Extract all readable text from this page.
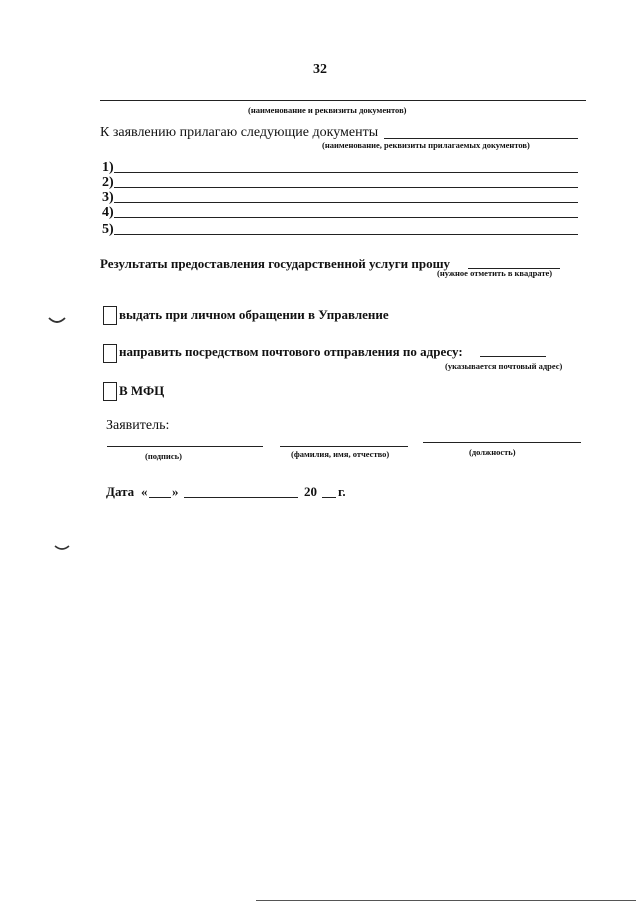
32
(наименование и реквизиты документов)
К заявлению прилагаю следующие документы
(наименование, реквизиты прилагаемых документов)
1)
2)
3)
4)
5)
Результаты предоставления государственной услуги прошу
(нужное отметить в квадрате)
выдать при личном обращении в Управление
направить посредством почтового отправления по адресу:
(указывается почтовый адрес)
В МФЦ
Заявитель:
(подпись)	(фамилия, имя, отчество)	(должность)
Дата « »	20 г.
